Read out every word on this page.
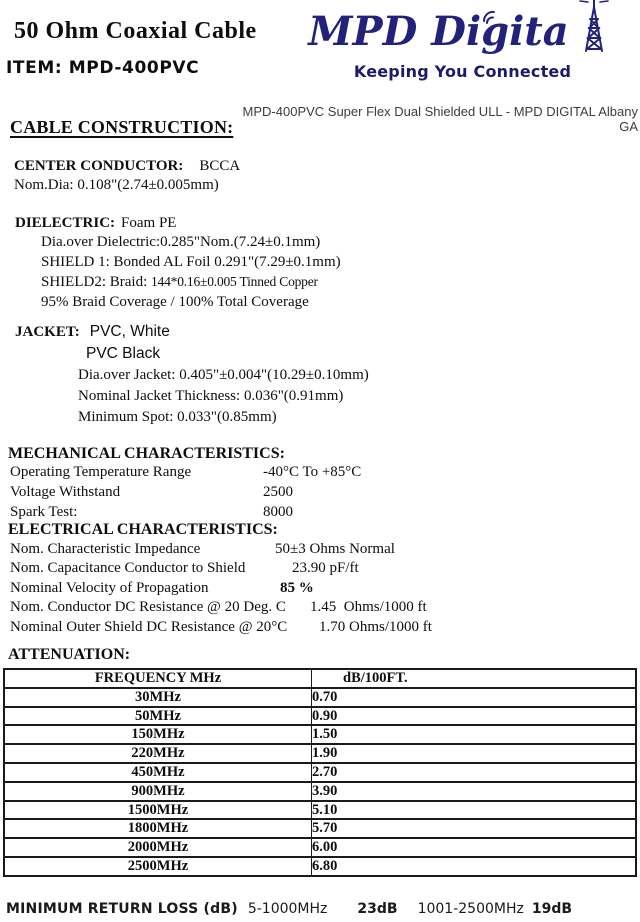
50 Ohm Coaxial Cable
ITEM: MPD-400PVC
MPD Digita
Keeping You Connected
MPD-400PVC Super Flex Dual Shielded ULL - MPD DIGITAL Albany GA
CABLE CONSTRUCTION:
CENTER CONDUCTOR: BCCA
Nom.Dia: 0.108"(2.74±0.005mm)
DIELECTRIC: Foam PE
Dia.over Dielectric:0.285"Nom.(7.24±0.1mm)
SHIELD 1: Bonded AL Foil 0.291"(7.29±0.1mm)
SHIELD2: Braid: 144*0.16±0.005 Tinned Copper
95% Braid Coverage / 100% Total Coverage
JACKET: PVC, White
PVC Black
Dia.over Jacket: 0.405"±0.004"(10.29±0.10mm)
Nominal Jacket Thickness: 0.036"(0.91mm)
Minimum Spot: 0.033"(0.85mm)
MECHANICAL CHARACTERISTICS:
Operating Temperature Range	-40°C To +85°C
Voltage Withstand	2500
Spark Test:	8000
ELECTRICAL CHARACTERISTICS:
Nom. Characteristic Impedance	50±3 Ohms Normal
Nom. Capacitance Conductor to Shield	23.90 pF/ft
Nominal Velocity of Propagation	85 %
Nom. Conductor DC Resistance @ 20 Deg. C 1.45  Ohms/1000 ft
Nominal Outer Shield DC Resistance @ 20°C 1.70 Ohms/1000 ft
ATTENUATION:
FREQUENCY MHz	dB/100FT.
30MHz	0.70
50MHz	0.90
150MHz	1.50
220MHz	1.90
450MHz	2.70
900MHz	3.90
1500MHz	5.10
1800MHz	5.70
2000MHz	6.00
2500MHz	6.80
MINIMUM RETURN LOSS (dB) 5-1000MHz 23dB 1001-2500MHz 19dB
